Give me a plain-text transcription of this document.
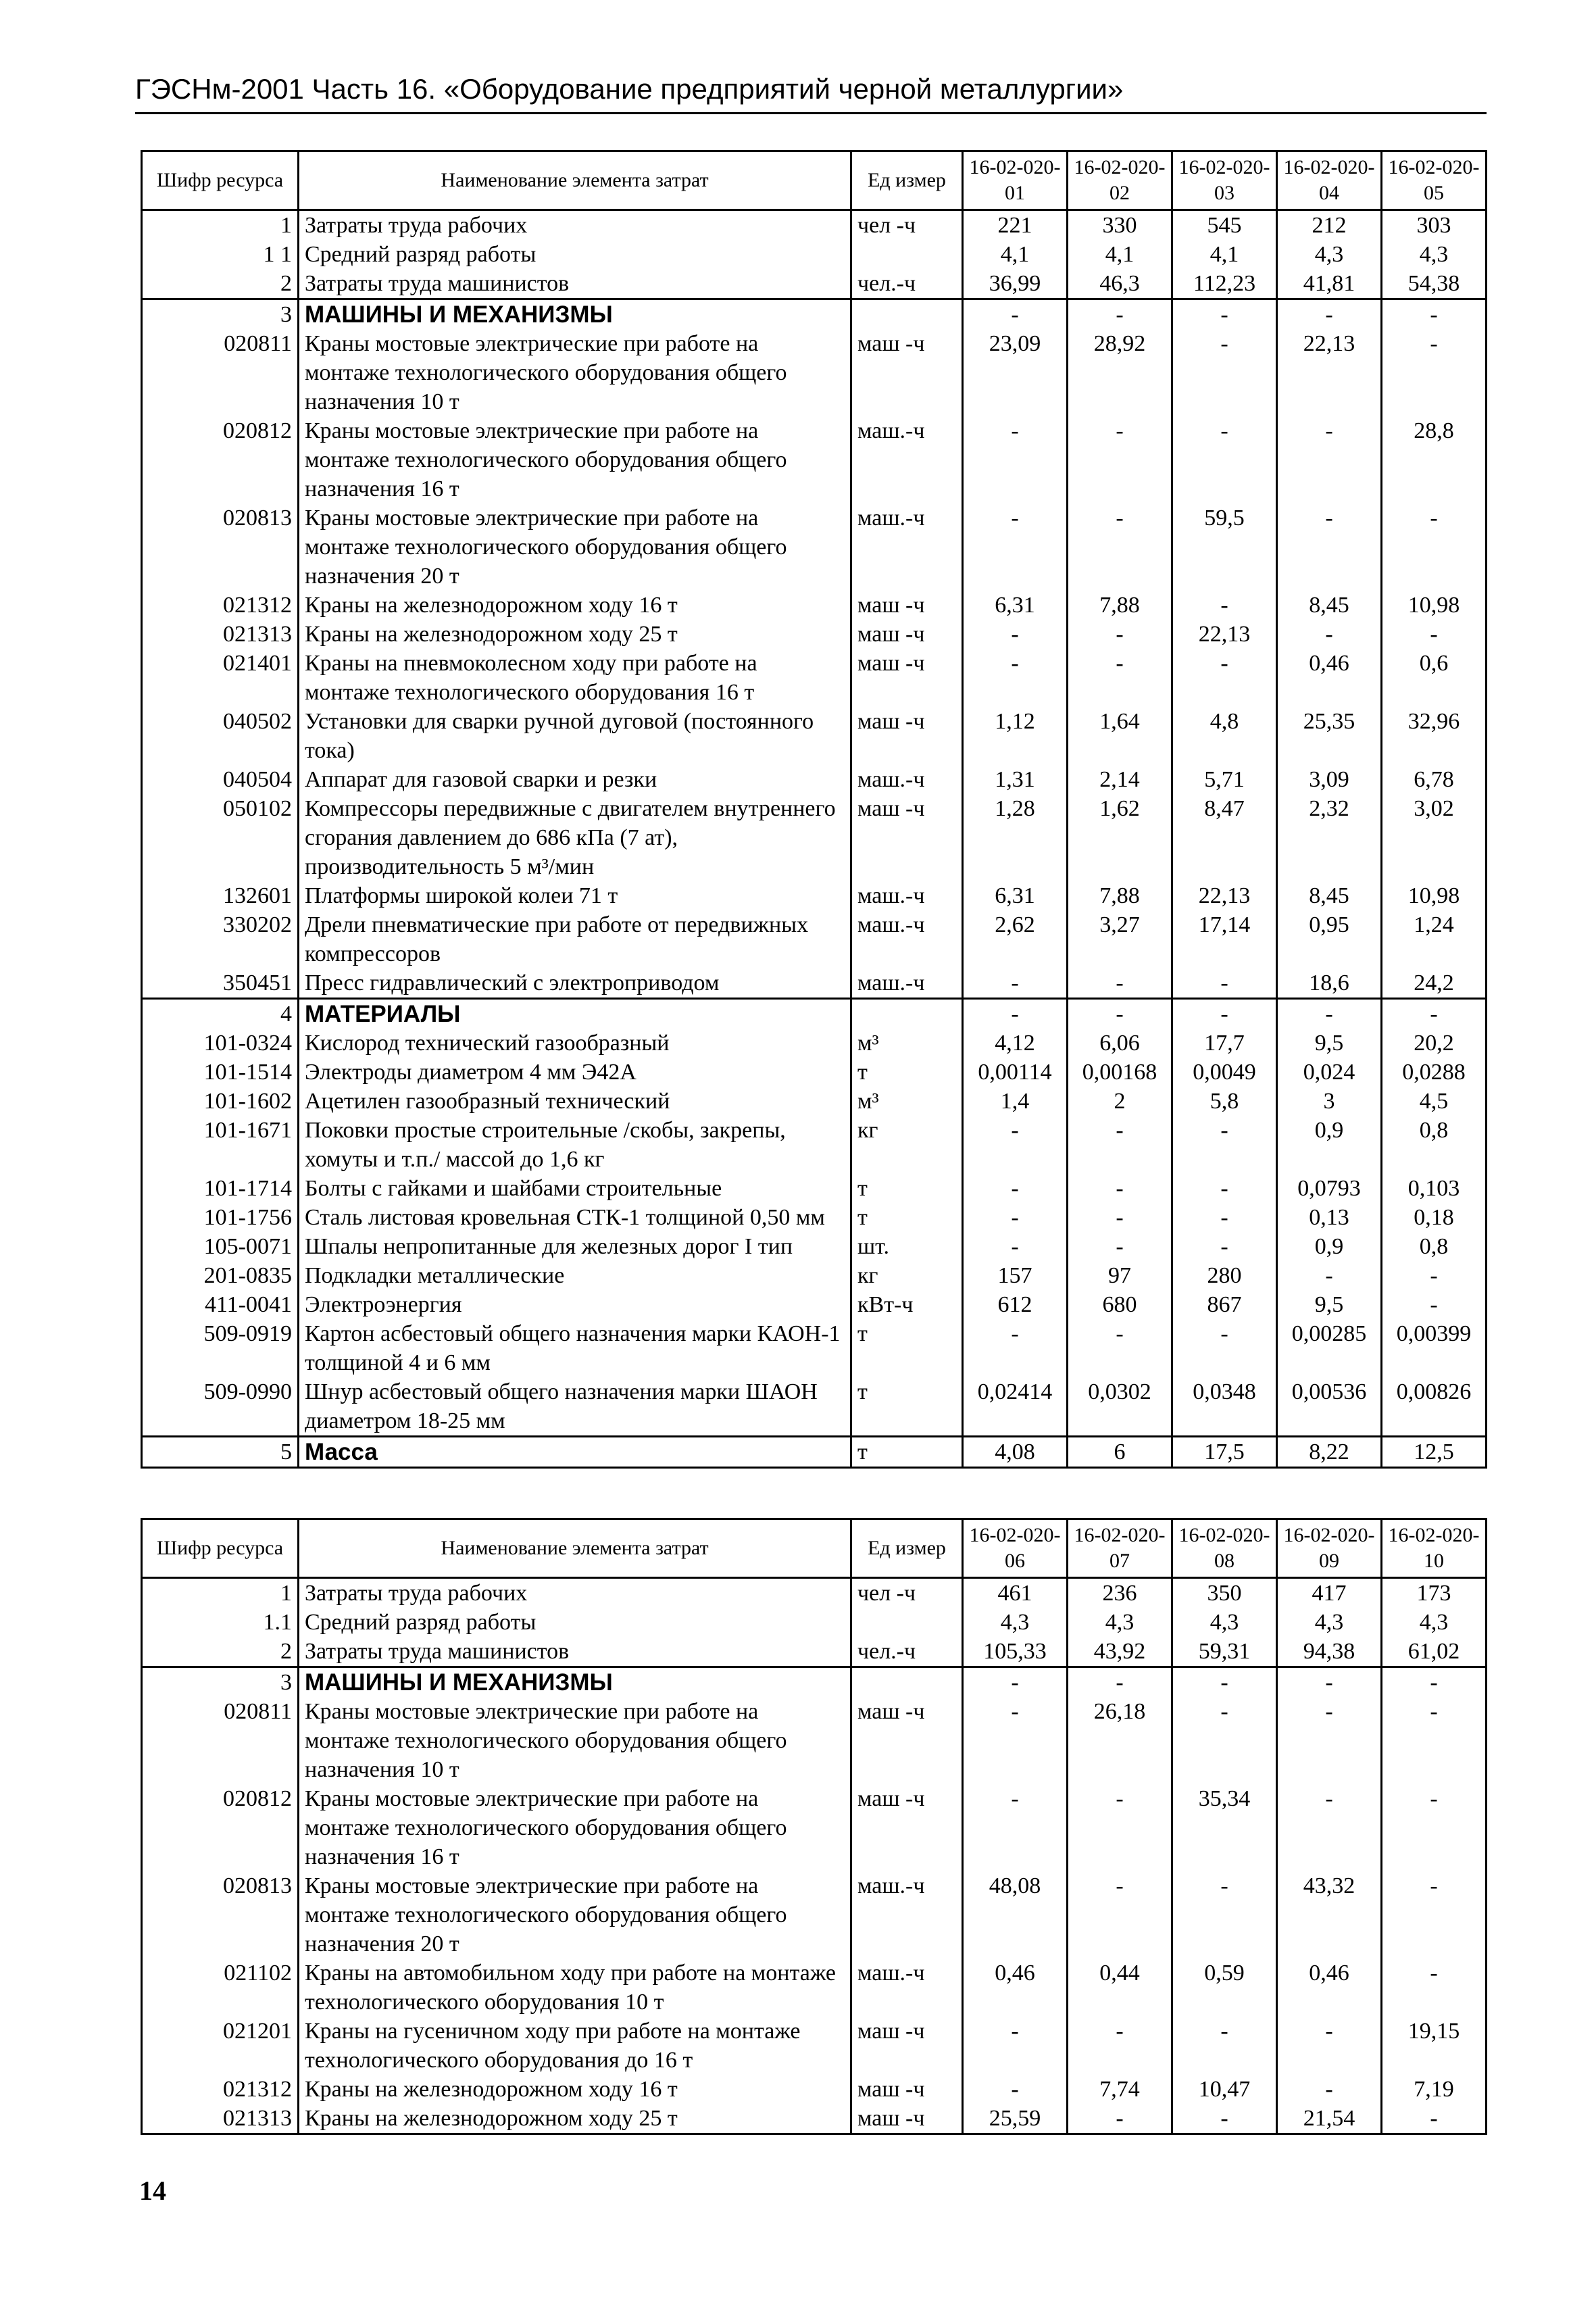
ГЭСНм-2001 Часть 16. «Оборудование предприятий черной металлургии»
Шифр ресурса	Наименование элемента затрат	Ед измер	16-02-020-01	16-02-020-02	16-02-020-03	16-02-020-04	16-02-020-05
1	Затраты труда рабочих	чел -ч	221	330	545	212	303
1 1	Средний разряд работы		4,1	4,1	4,1	4,3	4,3
2	Затраты труда машинистов	чел.-ч	36,99	46,3	112,23	41,81	54,38
3	МАШИНЫ И МЕХАНИЗМЫ		-	-	-	-	-
020811	Краны мостовые электрические при работе на монтаже технологического оборудования общего назначения 10 т	маш -ч	23,09	28,92	-	22,13	-
020812	Краны мостовые электрические при работе на монтаже технологического оборудования общего назначения 16 т	маш.-ч	-	-	-	-	28,8
020813	Краны мостовые электрические при работе на монтаже технологического оборудования общего назначения 20 т	маш.-ч	-	-	59,5	-	-
021312	Краны на железнодорожном ходу 16 т	маш -ч	6,31	7,88	-	8,45	10,98
021313	Краны на железнодорожном ходу 25 т	маш -ч	-	-	22,13	-	-
021401	Краны на пневмоколесном ходу при работе на монтаже технологического оборудования 16 т	маш -ч	-	-	-	0,46	0,6
040502	Установки для сварки ручной дуговой (постоянного тока)	маш -ч	1,12	1,64	4,8	25,35	32,96
040504	Аппарат для газовой сварки и резки	маш.-ч	1,31	2,14	5,71	3,09	6,78
050102	Компрессоры передвижные с двигателем внутреннего сгорания давлением до 686 кПа (7 ат), производительность 5 м³/мин	маш -ч	1,28	1,62	8,47	2,32	3,02
132601	Платформы широкой колеи 71 т	маш.-ч	6,31	7,88	22,13	8,45	10,98
330202	Дрели пневматические при работе от передвижных компрессоров	маш.-ч	2,62	3,27	17,14	0,95	1,24
350451	Пресс гидравлический с электроприводом	маш.-ч	-	-	-	18,6	24,2
4	МАТЕРИАЛЫ		-	-	-	-	-
101-0324	Кислород технический газообразный	м³	4,12	6,06	17,7	9,5	20,2
101-1514	Электроды диаметром 4 мм Э42А	т	0,00114	0,00168	0,0049	0,024	0,0288
101-1602	Ацетилен газообразный технический	м³	1,4	2	5,8	3	4,5
101-1671	Поковки простые строительные /скобы, закрепы, хомуты и т.п./ массой до 1,6 кг	кг	-	-	-	0,9	0,8
101-1714	Болты с гайками и шайбами строительные	т	-	-	-	0,0793	0,103
101-1756	Сталь листовая кровельная СТК-1 толщиной 0,50 мм	т	-	-	-	0,13	0,18
105-0071	Шпалы непропитанные для железных дорог I тип	шт.	-	-	-	0,9	0,8
201-0835	Подкладки металлические	кг	157	97	280	-	-
411-0041	Электроэнергия	кВт-ч	612	680	867	9,5	-
509-0919	Картон асбестовый общего назначения марки КАОН-1 толщиной 4 и 6 мм	т	-	-	-	0,00285	0,00399
509-0990	Шнур асбестовый общего назначения марки ШАОН диаметром 18-25 мм	т	0,02414	0,0302	0,0348	0,00536	0,00826
5	Масса	т	4,08	6	17,5	8,22	12,5
Шифр ресурса	Наименование элемента затрат	Ед измер	16-02-020-06	16-02-020-07	16-02-020-08	16-02-020-09	16-02-020-10
1	Затраты труда рабочих	чел -ч	461	236	350	417	173
1.1	Средний разряд работы		4,3	4,3	4,3	4,3	4,3
2	Затраты труда машинистов	чел.-ч	105,33	43,92	59,31	94,38	61,02
3	МАШИНЫ И МЕХАНИЗМЫ		-	-	-	-	-
020811	Краны мостовые электрические при работе на монтаже технологического оборудования общего назначения 10 т	маш -ч	-	26,18	-	-	-
020812	Краны мостовые электрические при работе на монтаже технологического оборудования общего назначения 16 т	маш -ч	-	-	35,34	-	-
020813	Краны мостовые электрические при работе на монтаже технологического оборудования общего назначения 20 т	маш.-ч	48,08	-	-	43,32	-
021102	Краны на автомобильном ходу при работе на монтаже технологического оборудования 10 т	маш.-ч	0,46	0,44	0,59	0,46	-
021201	Краны на гусеничном ходу при работе на монтаже технологического оборудования до 16 т	маш -ч	-	-	-	-	19,15
021312	Краны на железнодорожном ходу 16 т	маш -ч	-	7,74	10,47	-	7,19
021313	Краны на железнодорожном ходу 25 т	маш -ч	25,59	-	-	21,54	-
14
